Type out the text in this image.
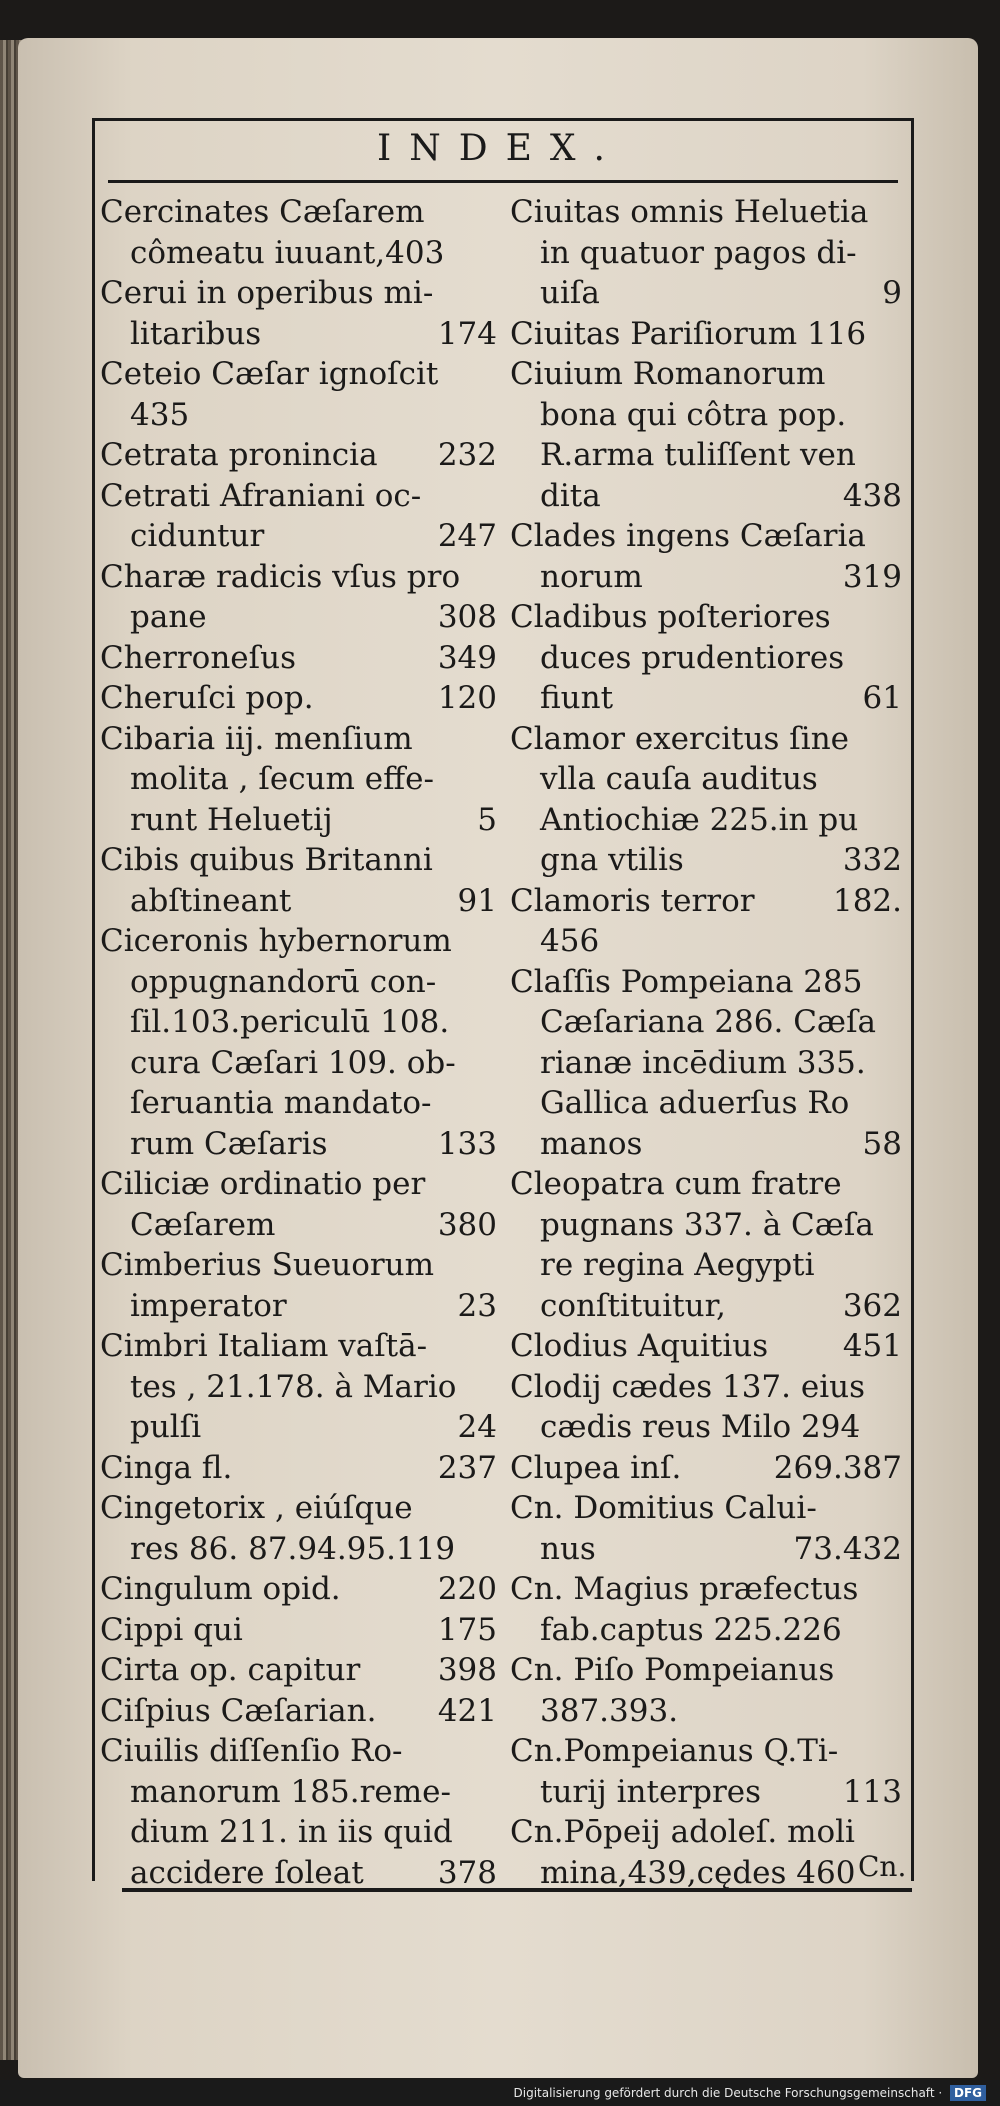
INDEX.
Cercinates Cæſarem
cômeatu iuuant,403
Cerui in operibus mi-
litaribus	174
Ceteio Cæſar ignoſcit
435
Cetrata pronincia 232
Cetrati Afraniani oc-
ciduntur	247
Charæ radicis vſus pro
pane	308
Cherroneſus	349
Cheruſci pop.	120
Cibaria iij. menſium
molita , ſecum effe-
runt Heluetij	5
Cibis quibus Britanni
abſtineant	91
Ciceronis hybernorum
oppugnandorū con-
ſil.103.periculū 108.
cura Cæſari 109. ob-
ſeruantia mandato-
rum Cæſaris	133
Ciliciæ ordinatio per
Cæſarem	380
Cimberius Sueuorum
imperator	23
Cimbri Italiam vaſtā-
tes , 21.178. à Mario
pulſi	24
Cinga fl.	237
Cingetorix , eiúſque
res 86. 87.94.95.119
Cingulum opid.	220
Cippi qui	175
Cirta op. capitur	398
Ciſpius Cæſarian. 421
Ciuilis diſſenſio Ro-
manorum 185.reme-
dium 211. in iis quid
accidere ſoleat 378
Ciuitas omnis Heluetia
in quatuor pagos di-
uiſa	9
Ciuitas Pariſiorum 116
Ciuium Romanorum
bona qui côtra pop.
R.arma tuliſſent ven
dita	438
Clades ingens Cæſaria
norum	319
Cladibus poſteriores
duces prudentiores
fiunt	61
Clamor exercitus ſine
vlla cauſa auditus
Antiochiæ 225.in pu
gna vtilis	332
Clamoris terror	182.
456
Claſſis Pompeiana 285
Cæſariana 286. Cæſa
rianæ incēdium 335.
Gallica aduerſus Ro
manos	58
Cleopatra cum fratre
pugnans 337. à Cæſa
re regina Aegypti
conſtituitur,	362
Clodius Aquitius 451
Clodij cædes 137. eius
cædis reus Milo 294
Clupea inſ.	269.387
Cn. Domitius Calui-
nus	73.432
Cn. Magius præfectus
fab.captus 225.226
Cn. Piſo Pompeianus
387.393.
Cn.Pompeianus Q.Ti-
turij interpres	113
Cn.Pōpeij adoleſ. moli
mina,439,cędes 460 Cn.
Digitalisierung gefördert durch die Deutsche Forschungsgemeinschaft · DFG
